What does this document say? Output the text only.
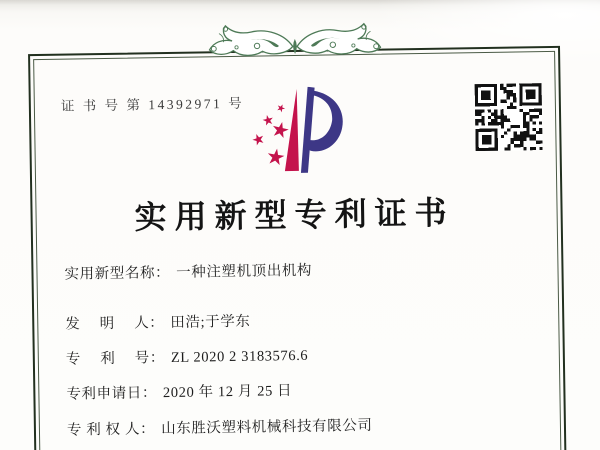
证 书 号 第 14392971 号
实用新型专利证书
实用新型名称： 一种注塑机顶出机构
发　 明 　人： 田浩;于学东
专　 利 　号： ZL 2020 2 3183576.6
专利申请日： 2020 年 12 月 25 日
专 利 权 人： 山东胜沃塑料机械科技有限公司
